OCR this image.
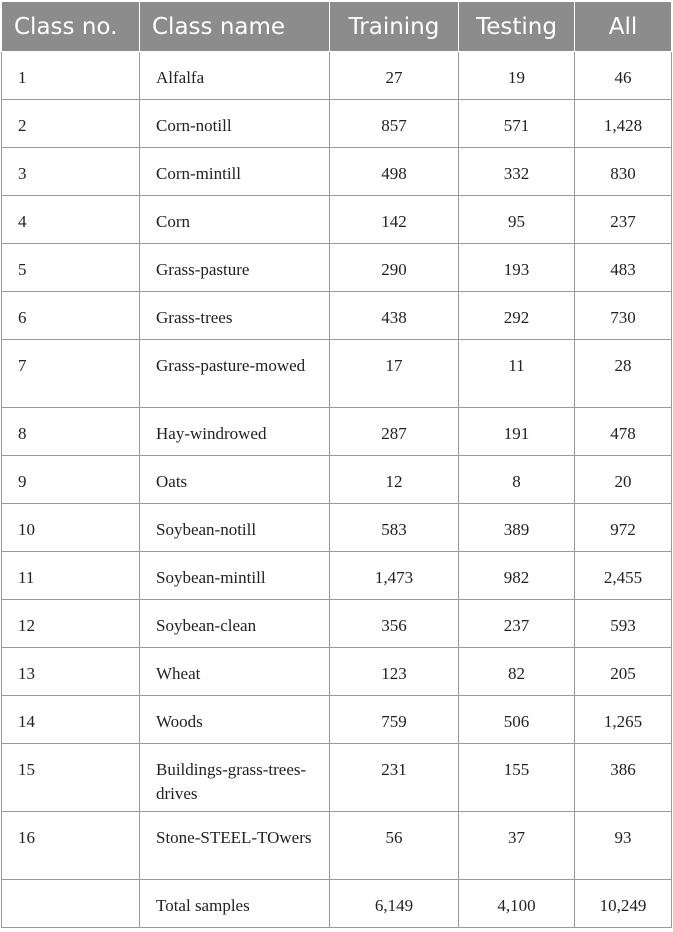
Class no.	Class name	Training	Testing	All
1	Alfalfa	27	19	46
2	Corn-notill	857	571	1,428
3	Corn-mintill	498	332	830
4	Corn	142	95	237
5	Grass-pasture	290	193	483
6	Grass-trees	438	292	730
7	Grass-pasture-mowed	17	11	28
8	Hay-windrowed	287	191	478
9	Oats	12	8	20
10	Soybean-notill	583	389	972
11	Soybean-mintill	1,473	982	2,455
12	Soybean-clean	356	237	593
13	Wheat	123	82	205
14	Woods	759	506	1,265
15	Buildings-grass-trees-drives	231	155	386
16	Stone-STEEL-TOwers	56	37	93
	Total samples	6,149	4,100	10,249
